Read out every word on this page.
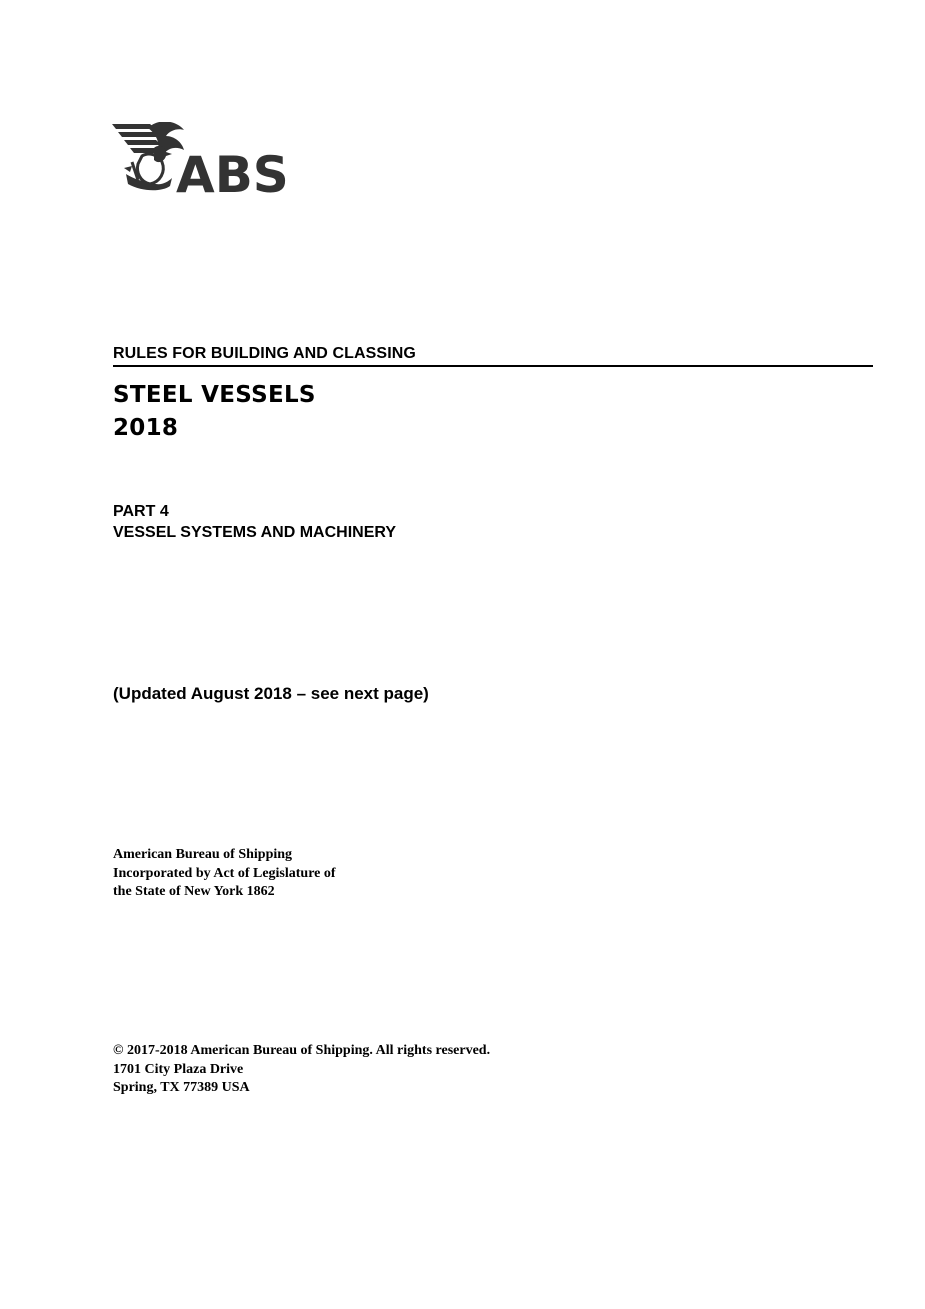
ABS
RULES FOR BUILDING AND CLASSING
STEEL VESSELS
2018
PART 4
VESSEL SYSTEMS AND MACHINERY
(Updated August 2018 – see next page)
American Bureau of Shipping
Incorporated by Act of Legislature of
the State of New York 1862
© 2017-2018 American Bureau of Shipping. All rights reserved.
1701 City Plaza Drive
Spring, TX 77389 USA
